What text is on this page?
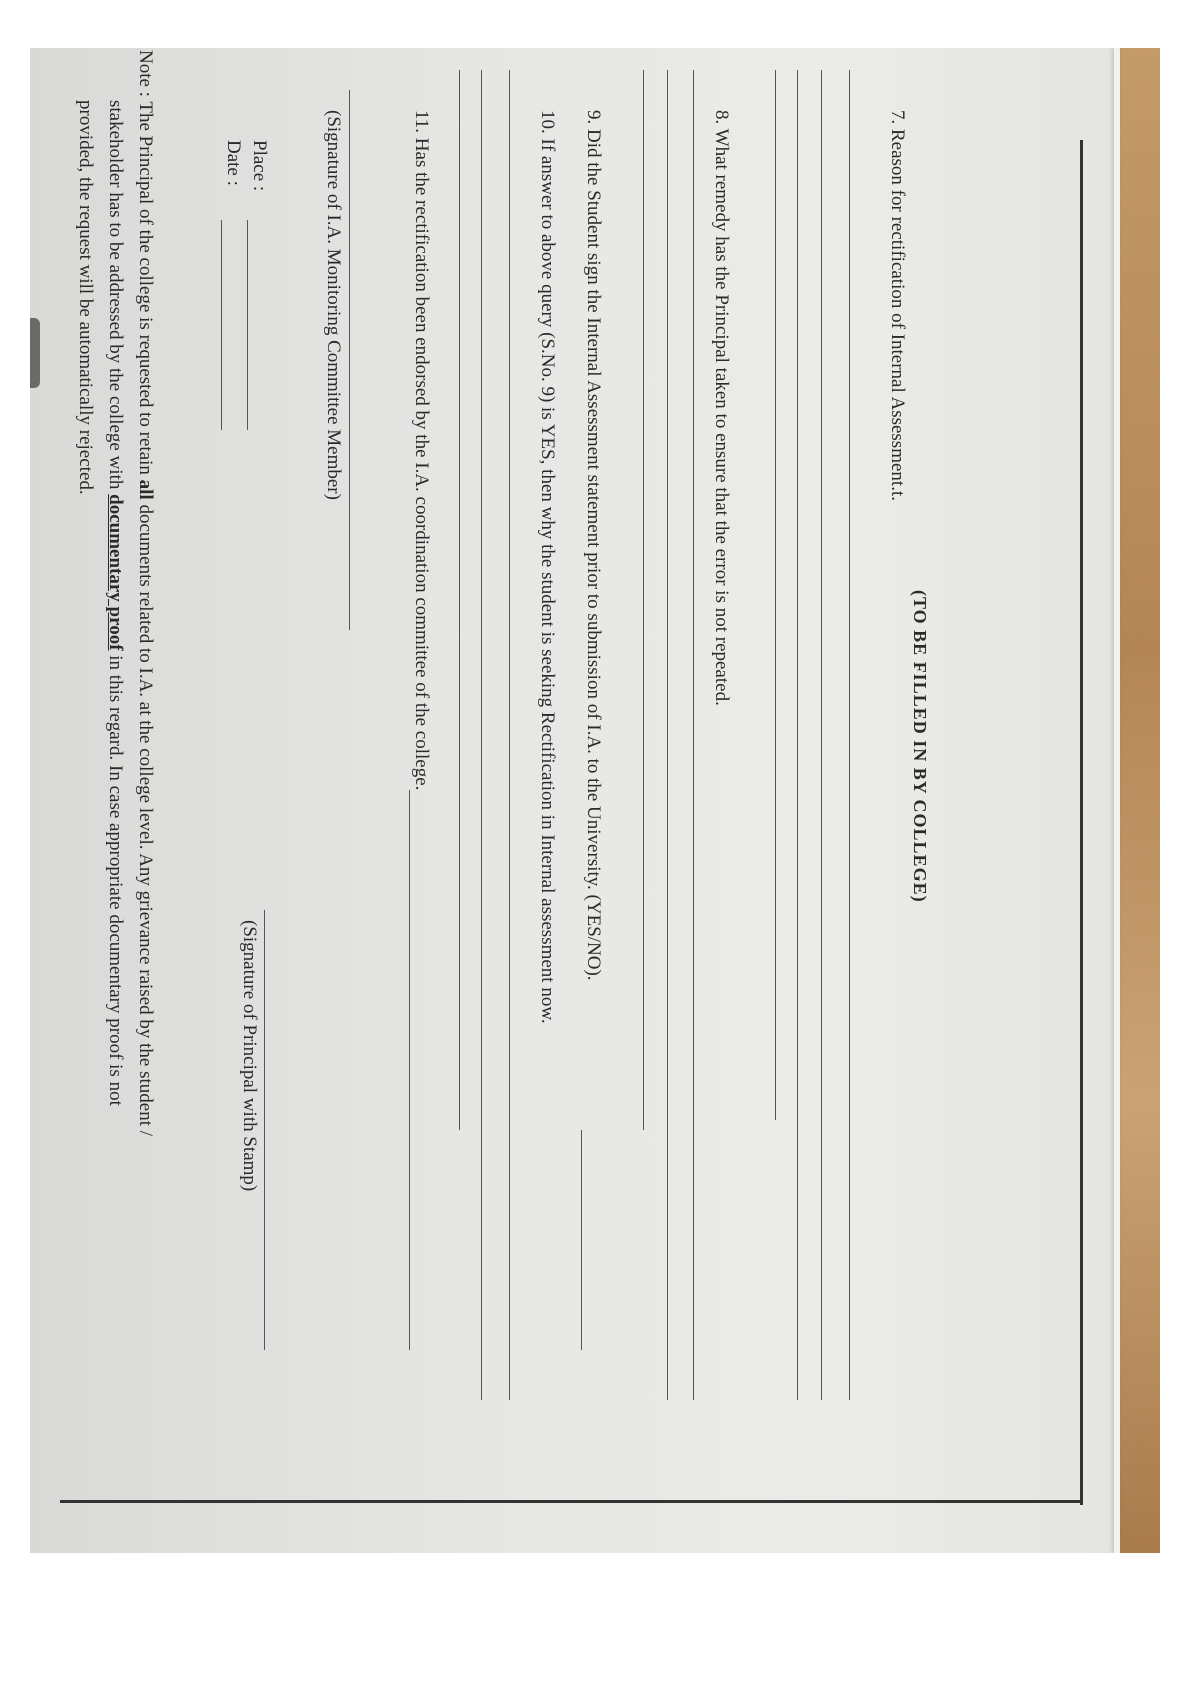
7. Reason for rectification of Internal Assessment.t.
(TO BE FILLED IN BY COLLEGE)
8. What remedy has the Principal taken to ensure that the error is not repeated.
9. Did the Student sign the Internal Assessment statement prior to submission of I.A. to the University. (YES/NO).
10. If answer to above query (S.No. 9) is YES, then why the student is seeking Rectification in Internal assessment now.
11. Has the rectification been endorsed by the I.A. coordination committee of the college.
(Signature of I.A. Monitoring Committee Member)
(Signature of Principal with Stamp)
Place :
Date :
Note : The Principal of the college is requested to retain all documents related to I.A. at the college level. Any grievance raised by the student /
stakeholder has to be addressed by the college with documentary proof in this regard. In case appropriate documentary proof is not
provided, the request will be automatically rejected.
